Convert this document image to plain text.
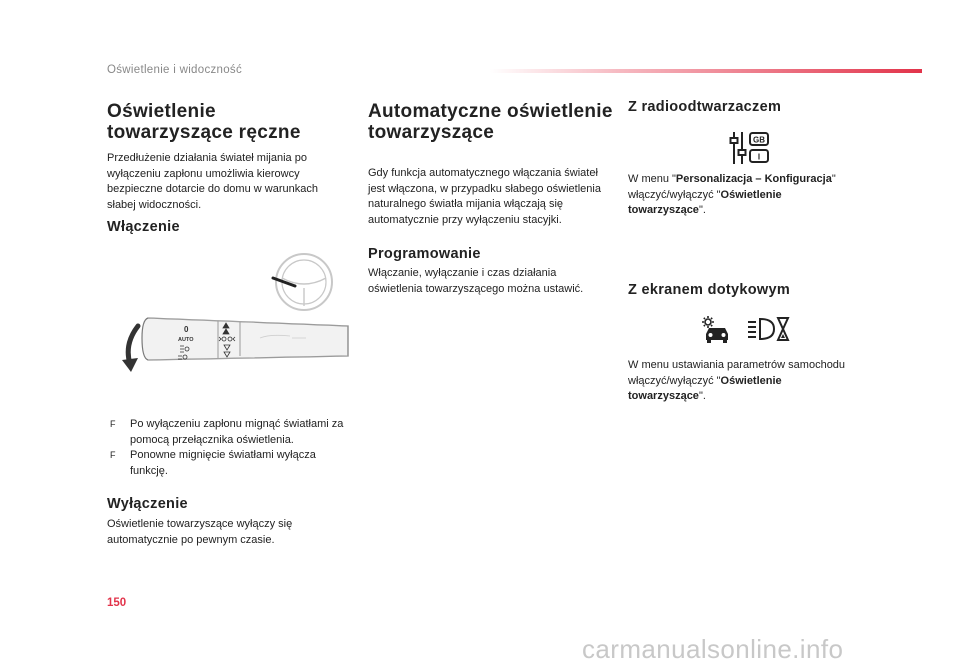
Oświetlenie i widoczność
Oświetlenie
towarzyszące ręczne

Przedłużenie działania świateł mijania po wyłączeniu zapłonu umożliwia kierowcy bezpieczne dotarcie do domu w warunkach słabej widoczności.

Włączenie
0
AUTO
F Po wyłączeniu zapłonu mignąć światłami za pomocą przełącznika oświetlenia.
F Ponowne mignięcie światłami wyłącza funkcję.
Wyłączenie

Oświetlenie towarzyszące wyłączy się automatycznie po pewnym czasie.

Automatyczne oświetlenie
towarzyszące

Gdy funkcja automatycznego włączania świateł jest włączona, w przypadku słabego oświetlenia naturalnego światła mijania włączają się automatycznie przy wyłączeniu stacyjki.

Programowanie

Włączanie, wyłączanie i czas działania oświetlenia towarzyszącego można ustawić.

Z radioodtwarzaczem
GB
I

W menu "Personalizacja – Konfiguracja" włączyć/wyłączyć "Oświetlenie towarzyszące".

Z ekranem dotykowym

W menu ustawiania parametrów samochodu włączyć/wyłączyć "Oświetlenie towarzyszące".

150
carmanualsonline.info
